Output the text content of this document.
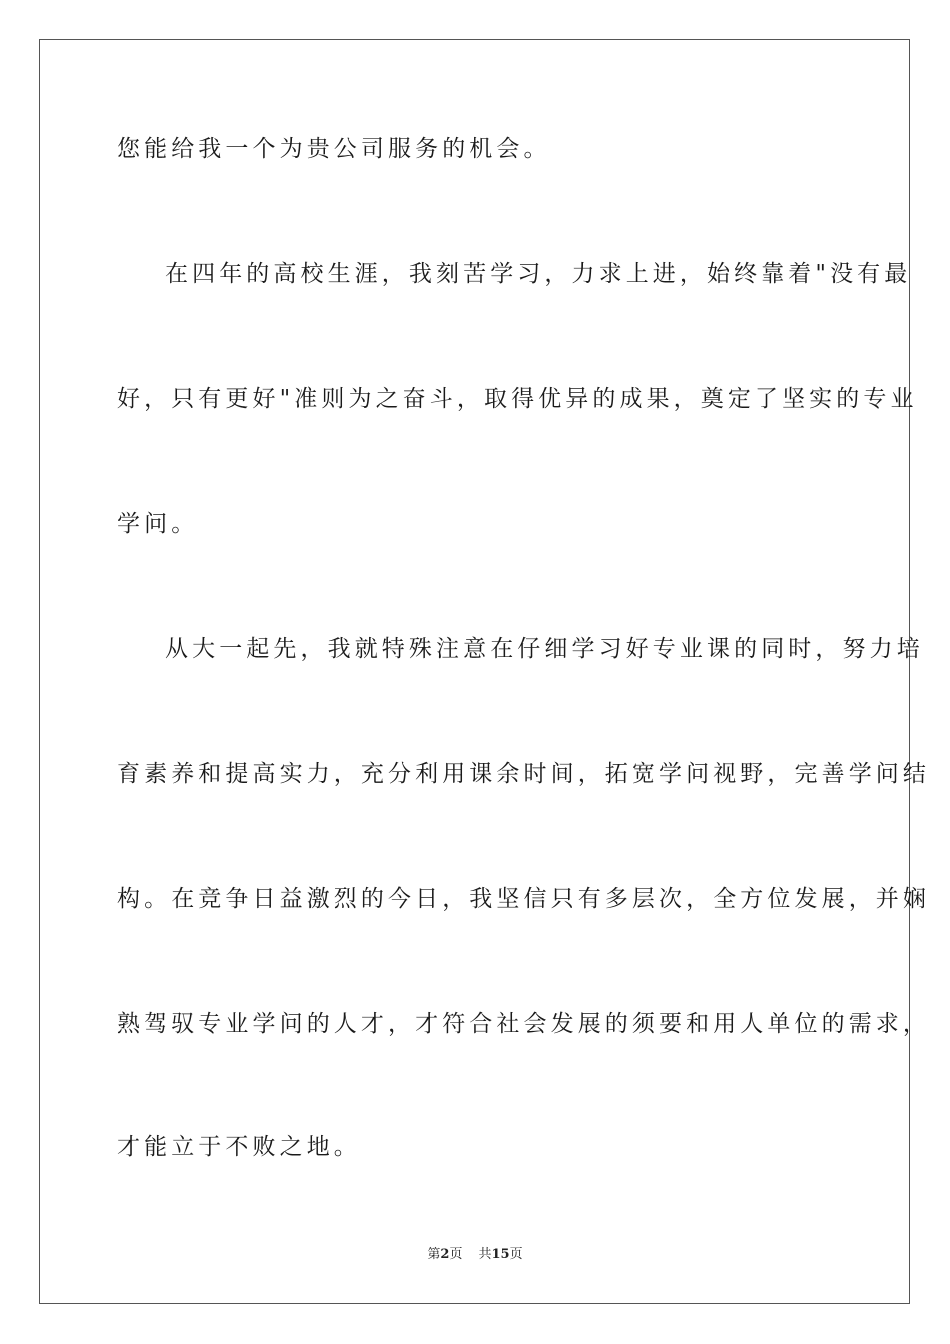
您能给我一个为贵公司服务的机会。
在四年的高校生涯，我刻苦学习，力求上进，始终靠着"没有最
好，只有更好"准则为之奋斗，取得优异的成果，奠定了坚实的专业
学问。
从大一起先，我就特殊注意在仔细学习好专业课的同时，努力培
育素养和提高实力，充分利用课余时间，拓宽学问视野，完善学问结
构。在竞争日益激烈的今日，我坚信只有多层次，全方位发展，并娴
熟驾驭专业学问的人才，才符合社会发展的须要和用人单位的需求，
才能立于不败之地。
第2页 共15页
